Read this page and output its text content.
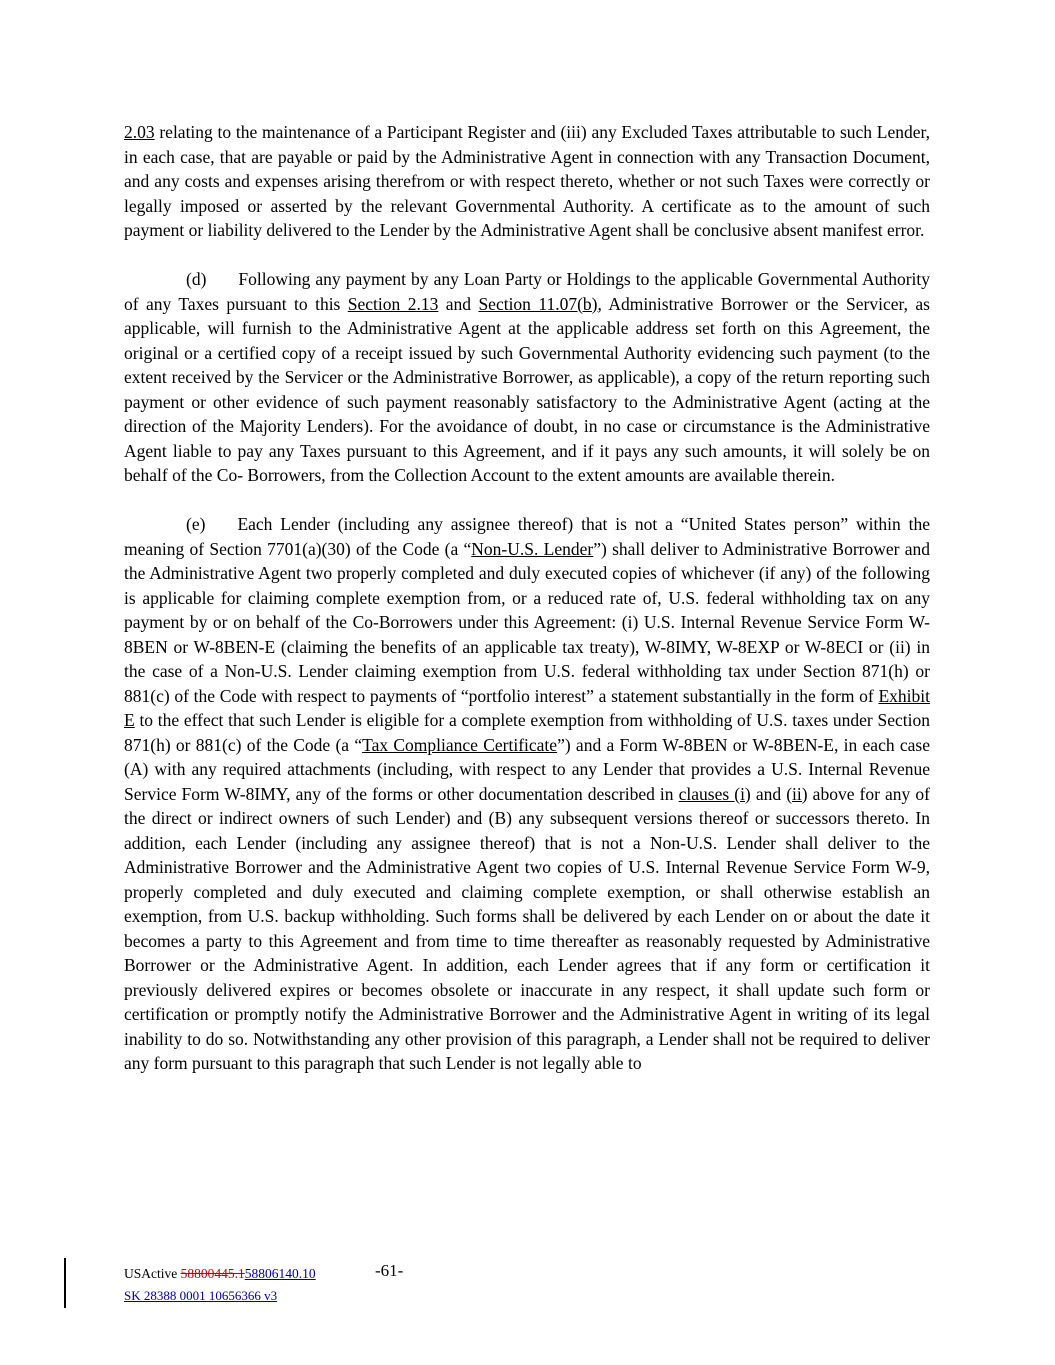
2.03 relating to the maintenance of a Participant Register and (iii) any Excluded Taxes attributable to such Lender, in each case, that are payable or paid by the Administrative Agent in connection with any Transaction Document, and any costs and expenses arising therefrom or with respect thereto, whether or not such Taxes were correctly or legally imposed or asserted by the relevant Governmental Authority. A certificate as to the amount of such payment or liability delivered to the Lender by the Administrative Agent shall be conclusive absent manifest error.

(d) Following any payment by any Loan Party or Holdings to the applicable Governmental Authority of any Taxes pursuant to this Section 2.13 and Section 11.07(b), Administrative Borrower or the Servicer, as applicable, will furnish to the Administrative Agent at the applicable address set forth on this Agreement, the original or a certified copy of a receipt issued by such Governmental Authority evidencing such payment (to the extent received by the Servicer or the Administrative Borrower, as applicable), a copy of the return reporting such payment or other evidence of such payment reasonably satisfactory to the Administrative Agent (acting at the direction of the Majority Lenders). For the avoidance of doubt, in no case or circumstance is the Administrative Agent liable to pay any Taxes pursuant to this Agreement, and if it pays any such amounts, it will solely be on behalf of the Co- Borrowers, from the Collection Account to the extent amounts are available therein.

(e) Each Lender (including any assignee thereof) that is not a “United States person” within the meaning of Section 7701(a)(30) of the Code (a “Non-U.S. Lender”) shall deliver to Administrative Borrower and the Administrative Agent two properly completed and duly executed copies of whichever (if any) of the following is applicable for claiming complete exemption from, or a reduced rate of, U.S. federal withholding tax on any payment by or on behalf of the Co-Borrowers under this Agreement: (i) U.S. Internal Revenue Service Form W-8BEN or W-8BEN-E (claiming the benefits of an applicable tax treaty), W-8IMY, W-8EXP or W-8ECI or (ii) in the case of a Non-U.S. Lender claiming exemption from U.S. federal withholding tax under Section 871(h) or 881(c) of the Code with respect to payments of “portfolio interest” a statement substantially in the form of Exhibit E to the effect that such Lender is eligible for a complete exemption from withholding of U.S. taxes under Section 871(h) or 881(c) of the Code (a “Tax Compliance Certificate”) and a Form W-8BEN or W-8BEN-E, in each case (A) with any required attachments (including, with respect to any Lender that provides a U.S. Internal Revenue Service Form W-8IMY, any of the forms or other documentation described in clauses (i) and (ii) above for any of the direct or indirect owners of such Lender) and (B) any subsequent versions thereof or successors thereto. In addition, each Lender (including any assignee thereof) that is not a Non-U.S. Lender shall deliver to the Administrative Borrower and the Administrative Agent two copies of U.S. Internal Revenue Service Form W-9, properly completed and duly executed and claiming complete exemption, or shall otherwise establish an exemption, from U.S. backup withholding. Such forms shall be delivered by each Lender on or about the date it becomes a party to this Agreement and from time to time thereafter as reasonably requested by Administrative Borrower or the Administrative Agent. In addition, each Lender agrees that if any form or certification it previously delivered expires or becomes obsolete or inaccurate in any respect, it shall update such form or certification or promptly notify the Administrative Borrower and the Administrative Agent in writing of its legal inability to do so. Notwithstanding any other provision of this paragraph, a Lender shall not be required to deliver any form pursuant to this paragraph that such Lender is not legally able to

USActive 58800445.158806140.10	-61-
SK 28388 0001 10656366 v3
